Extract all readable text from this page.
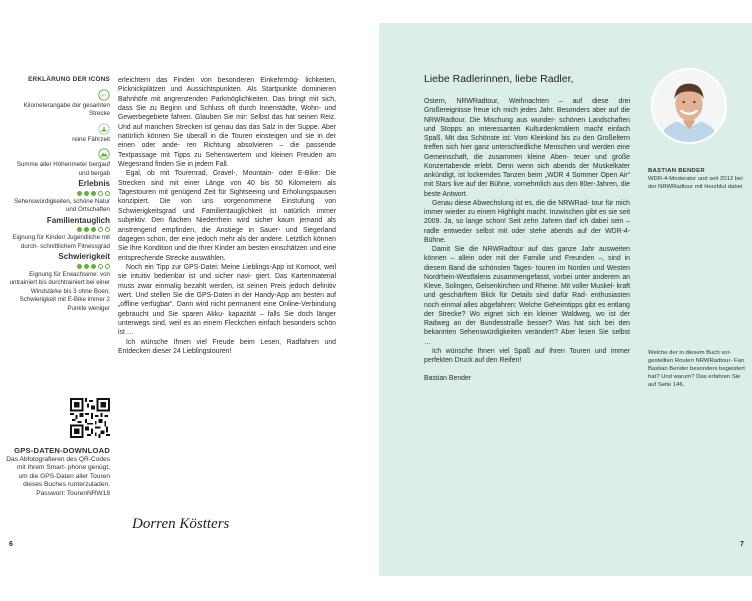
ERKLÄRUNG DER ICONS
km
Kilometerangabe der gesamten Strecke
reine Fährzeit
Summe aller Höhenmeter bergauf und bergab
Erlebnis
Sehenswürdigkeiten, schöne Natur und Ortschaften
Familientauglich
Eignung für Kinder/ Jugendliche mit durch- schnittlichem Fitnessgrad
Schwierigkeit
Eignung für Erwachsene: von untrainiert bis durchtrainiert bei einer Windstärke bis 3 ohne Boen; Schwierigkeit mit E-Bike immer 2 Punkte weniger
GPS-DATEN-DOWNLOAD
Das Abfotografieren des QR-Codes mit Ihrem Smart- phone genügt, um die GPS-Daten aller Touren dieses Buches runterzuladen.
Passwort: TourenNRW18

erleichtern das Finden von besonderen Einkehrmög- lichkeiten, Picknickplätzen und Aussichtspunkten. Als Startpunkte dominieren Bahnhöfe mit angrenzenden Parkmöglichkeiten. Das bringt mit sich, dass Sie zu Beginn und Schluss oft durch Innenstädte, Wohn- und Gewerbegebiete fahren. Glauben Sie mir: Selbst das hat seinen Reiz. Und auf manchen Strecken ist genau das das Salz in der Suppe. Aber natürlich können Sie überall in die Touren einsteigen und sie in der einen oder ande- ren Richtung absolvieren – die passende Textpassage mit Tipps zu Sehenswertem und kleinen Freuden am Wegesrand finden Sie in jedem Fall.

Egal, ob mit Tourenrad, Gravel-, Mountain- oder E-Bike: Die Strecken sind mit einer Länge von 40 bis 50 Kilometern als Tagestouren mit genügend Zeit für Sightseeing und Erholungspausen konzipiert. Die von uns vorgenommene Einstufung von Schwierigkeitsgrad und Familientauglichkeit ist natürlich immer subjektiv. Den flachen Niederrhein wird sicher kaum jemand als anstrengend empfinden, die Anstiege in Sauer- und Siegerland dagegen schon, der eine jedoch mehr als der andere. Letztlich können Sie Ihre Kondition und die Ihrer Kinder am besten einschätzen und eine entsprechende Strecke auswählen.

Noch ein Tipp zur GPS-Datei: Meine Lieblings-App ist Komoot, weil sie intuitiv bedienbar ist und sicher navi- giert. Das Kartenmaterial muss zwar einmalig bezahlt werden, ist seinen Preis jedoch definitiv wert. Und stellen Sie die GPS-Daten in der Handy-App am besten auf „offline verfügbar“. Dann wird nicht permanent eine Online-Verbindung gebraucht und Sie sparen Akku- kapazität – falls Sie doch länger unterwegs sind, weil es an einem Fleckchen einfach besonders schön ist …

Ich wünsche Ihnen viel Freude beim Lesen, Radfahren und Entdecken dieser 24 Lieblingstouren!

Dorren Köstters
6
Liebe Radlerinnen, liebe Radler,

Ostern, NRWRadtour, Weihnachten – auf diese drei Großereignisse freue ich mich jedes Jahr. Besonders aber auf die NRWRadtour. Die Mischung aus wunder- schönen Landschaften und Stopps an interessanten Kulturdenkmälern macht einfach Spaß. Mit das Schönste ist: Vom Kleinkind bis zu den Großeltern treffen sich hier ganz unterschiedliche Menschen und werden eine Gemeinschaft, die zusammen kleine Aben- teuer und große Konzertabende erlebt. Denn wenn sich abends der Muskelkater ankündigt, ist lockerndes Tanzen beim „WDR 4 Sommer Open Air“ mit Stars live auf der Bühne, vornehmlich aus den 80er-Jahren, die beste Antwort.

Genau diese Abwechslung ist es, die die NRWRad- tour für mich immer wieder zu einem Highlight macht. Inzwischen gibt es sie seit 2009. Ja, so lange schon! Seit zehn Jahren darf ich dabei sein – radle entweder selbst mit oder stehe abends auf der WDR-4-Bühne.

Damit Sie die NRWRadtour auf das ganze Jahr ausweiten können – allein oder mit der Familie und Freunden –, sind in diesem Band die schönsten Tages- touren im Norden und Westen Nordrhein-Westfalens zusammengefasst, vorbei unter anderem an Kleve, Solingen, Gelsenkirchen und Rheine. Mit voller Muskel- kraft und geschärftem Blick für Details sind dafür Rad- enthusiasten noch einmal alles abgefahren: Welche Geheimtipps gibt es entlang der Strecke? Wo eignet sich ein kleiner Waldweg, wo ist der Radweg an der Bundesstraße besser? Was hat sich bei den bekannten Sehenswürdigkeiten verändert? Aber lesen Sie selbst …

Ich wünsche Ihnen viel Spaß auf Ihren Touren und immer perfekten Druck auf den Reifen!

Bastian Bender

BASTIAN BENDER
WDR-4-Moderator und seit 2012 bei der NRWRadtour mit Herzblut dabei
Welche der in diesem Buch vor- gestellten Routen NRWRadtour- Fan Bastian Bender besonders begeistert hat? Und warum? Das erfahren Sie auf Seite 146.
7
